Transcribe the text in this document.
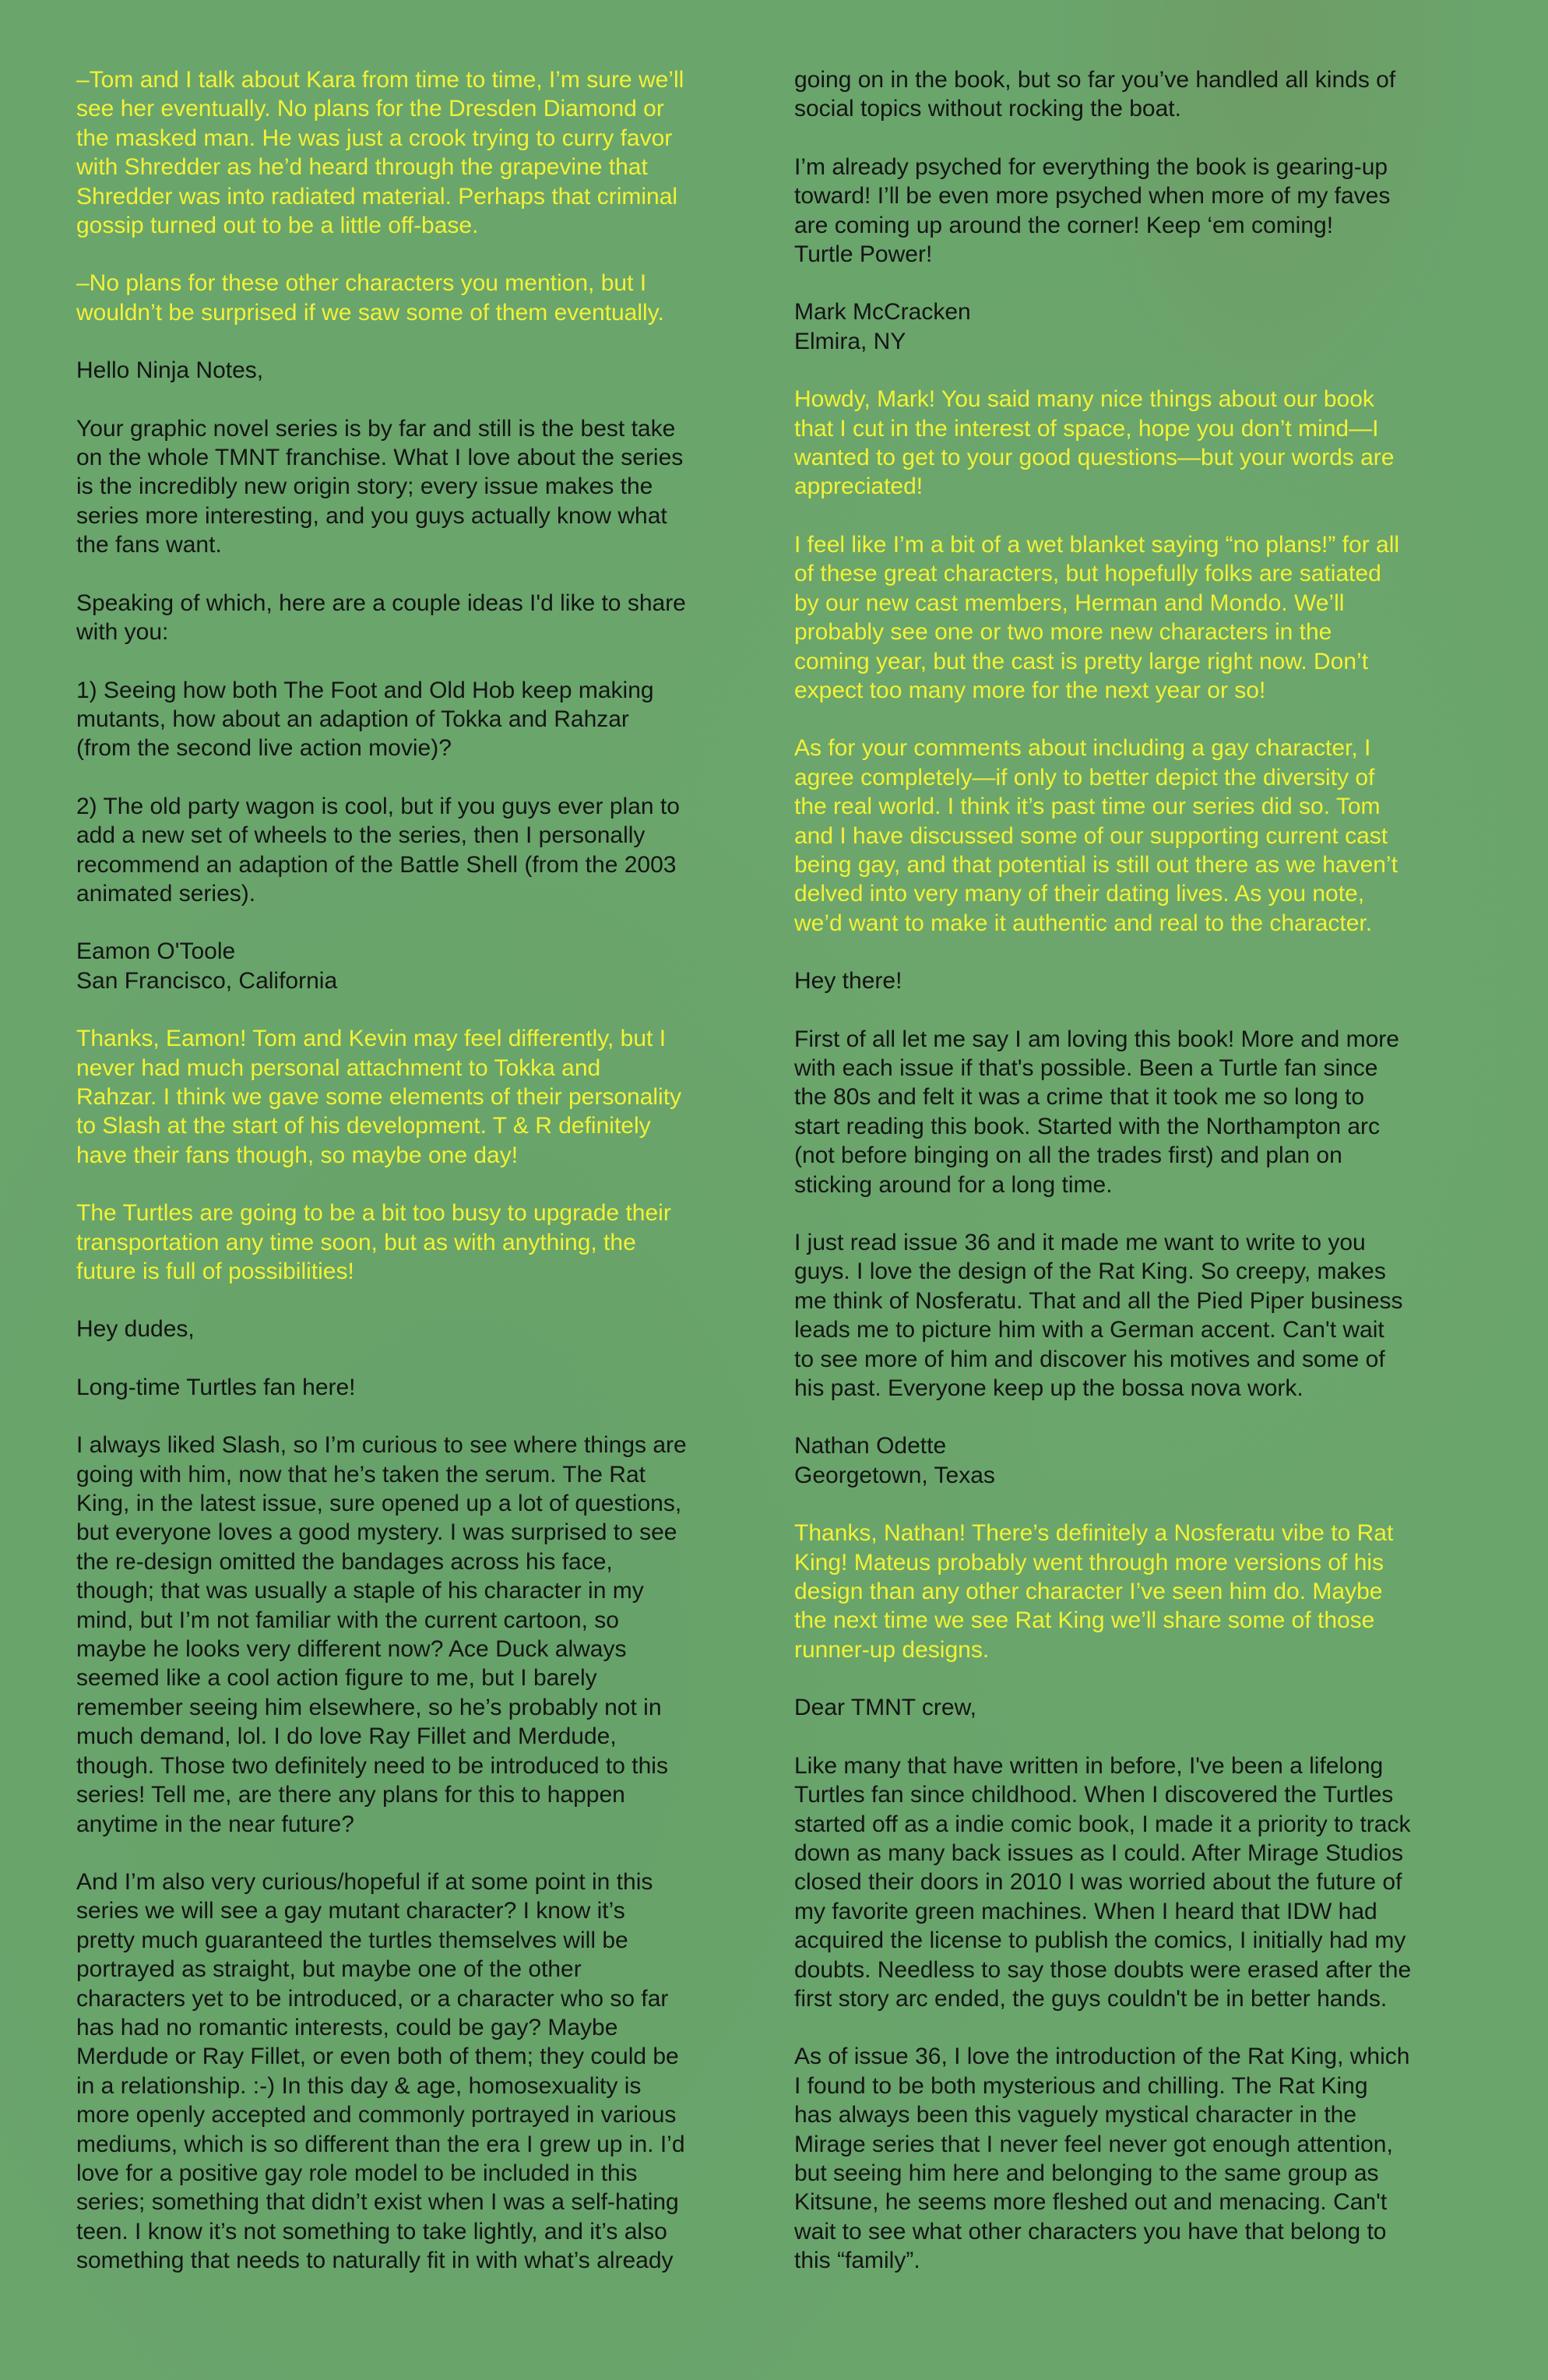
–Tom and I talk about Kara from time to time, I’m sure we’ll
see her eventually. No plans for the Dresden Diamond or
the masked man. He was just a crook trying to curry favor
with Shredder as he’d heard through the grapevine that
Shredder was into radiated material. Perhaps that criminal
gossip turned out to be a little off-base.

–No plans for these other characters you mention, but I
wouldn’t be surprised if we saw some of them eventually.

Hello Ninja Notes,

Your graphic novel series is by far and still is the best take
on the whole TMNT franchise. What I love about the series
is the incredibly new origin story; every issue makes the
series more interesting, and you guys actually know what
the fans want.

Speaking of which, here are a couple ideas I'd like to share
with you:

1) Seeing how both The Foot and Old Hob keep making
mutants, how about an adaption of Tokka and Rahzar
(from the second live action movie)?

2) The old party wagon is cool, but if you guys ever plan to
add a new set of wheels to the series, then I personally
recommend an adaption of the Battle Shell (from the 2003
animated series).

Eamon O'Toole
San Francisco, California

Thanks, Eamon! Tom and Kevin may feel differently, but I
never had much personal attachment to Tokka and
Rahzar. I think we gave some elements of their personality
to Slash at the start of his development. T & R definitely
have their fans though, so maybe one day!

The Turtles are going to be a bit too busy to upgrade their
transportation any time soon, but as with anything, the
future is full of possibilities!

Hey dudes,

Long-time Turtles fan here!

I always liked Slash, so I’m curious to see where things are
going with him, now that he’s taken the serum. The Rat
King, in the latest issue, sure opened up a lot of questions,
but everyone loves a good mystery. I was surprised to see
the re-design omitted the bandages across his face,
though; that was usually a staple of his character in my
mind, but I’m not familiar with the current cartoon, so
maybe he looks very different now? Ace Duck always
seemed like a cool action figure to me, but I barely
remember seeing him elsewhere, so he’s probably not in
much demand, lol. I do love Ray Fillet and Merdude,
though. Those two definitely need to be introduced to this
series! Tell me, are there any plans for this to happen
anytime in the near future?

And I’m also very curious/hopeful if at some point in this
series we will see a gay mutant character? I know it’s
pretty much guaranteed the turtles themselves will be
portrayed as straight, but maybe one of the other
characters yet to be introduced, or a character who so far
has had no romantic interests, could be gay? Maybe
Merdude or Ray Fillet, or even both of them; they could be
in a relationship. :-) In this day & age, homosexuality is
more openly accepted and commonly portrayed in various
mediums, which is so different than the era I grew up in. I’d
love for a positive gay role model to be included in this
series; something that didn’t exist when I was a self-hating
teen. I know it’s not something to take lightly, and it’s also
something that needs to naturally fit in with what’s already

going on in the book, but so far you’ve handled all kinds of
social topics without rocking the boat.

I’m already psyched for everything the book is gearing-up
toward! I’ll be even more psyched when more of my faves
are coming up around the corner! Keep ‘em coming!
Turtle Power!

Mark McCracken
Elmira, NY

Howdy, Mark! You said many nice things about our book
that I cut in the interest of space, hope you don’t mind—I
wanted to get to your good questions—but your words are
appreciated!

I feel like I’m a bit of a wet blanket saying “no plans!” for all
of these great characters, but hopefully folks are satiated
by our new cast members, Herman and Mondo. We’ll
probably see one or two more new characters in the
coming year, but the cast is pretty large right now. Don’t
expect too many more for the next year or so!

As for your comments about including a gay character, I
agree completely—if only to better depict the diversity of
the real world. I think it’s past time our series did so. Tom
and I have discussed some of our supporting current cast
being gay, and that potential is still out there as we haven’t
delved into very many of their dating lives. As you note,
we’d want to make it authentic and real to the character.

Hey there!

First of all let me say I am loving this book! More and more
with each issue if that's possible. Been a Turtle fan since
the 80s and felt it was a crime that it took me so long to
start reading this book. Started with the Northampton arc
(not before binging on all the trades first) and plan on
sticking around for a long time.

I just read issue 36 and it made me want to write to you
guys. I love the design of the Rat King. So creepy, makes
me think of Nosferatu. That and all the Pied Piper business
leads me to picture him with a German accent. Can't wait
to see more of him and discover his motives and some of
his past. Everyone keep up the bossa nova work.

Nathan Odette
Georgetown, Texas

Thanks, Nathan! There’s definitely a Nosferatu vibe to Rat
King! Mateus probably went through more versions of his
design than any other character I’ve seen him do. Maybe
the next time we see Rat King we’ll share some of those
runner-up designs.

Dear TMNT crew,

Like many that have written in before, I've been a lifelong
Turtles fan since childhood. When I discovered the Turtles
started off as a indie comic book, I made it a priority to track
down as many back issues as I could. After Mirage Studios
closed their doors in 2010 I was worried about the future of
my favorite green machines. When I heard that IDW had
acquired the license to publish the comics, I initially had my
doubts. Needless to say those doubts were erased after the
first story arc ended, the guys couldn't be in better hands.

As of issue 36, I love the introduction of the Rat King, which
I found to be both mysterious and chilling. The Rat King
has always been this vaguely mystical character in the
Mirage series that I never feel never got enough attention,
but seeing him here and belonging to the same group as
Kitsune, he seems more fleshed out and menacing. Can't
wait to see what other characters you have that belong to
this “family”.
